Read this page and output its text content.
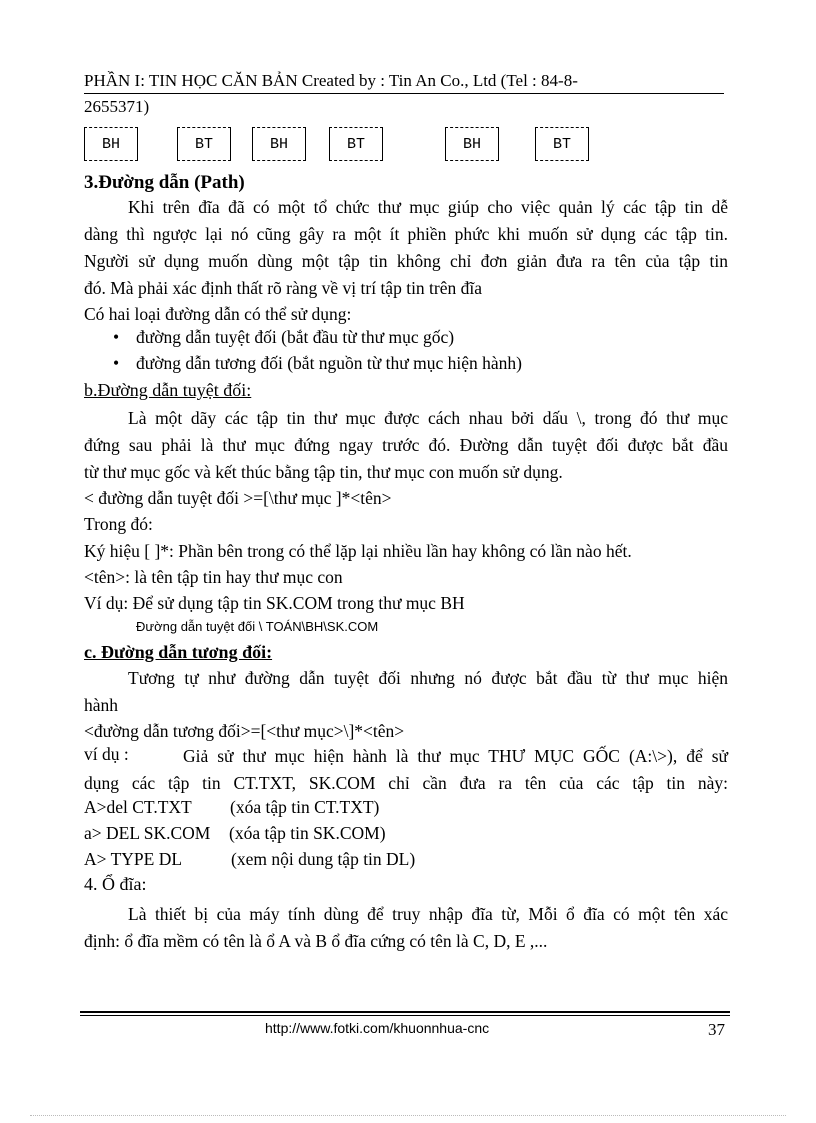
PHẦN I: TIN HỌC CĂN BẢN Created by : Tin An Co., Ltd (Tel : 84-8-
2655371)
BH	BT	BH	BT	BH	BT
3.Đường dẫn (Path)
Khi trên đĩa đã có một tổ chức thư mục giúp cho việc quản lý các tập tin dễ
dàng thì ngược lại nó cũng gây ra một ít phiền phức khi muốn sử dụng các tập tin.
Người sử dụng muốn dùng một tập tin không chỉ đơn giản đưa ra tên của tập tin
đó. Mà phải xác định thất rõ ràng về vị trí tập tin trên đĩa
Có hai loại đường dẫn có thể sử dụng:
• đường dẫn tuyệt đối (bắt đầu từ thư mục gốc)
• đường dẫn tương đối (bắt nguồn từ thư mục hiện hành)
b.Đường dẫn tuyệt đối:
Là một dãy các tập tin thư mục được cách nhau bởi dấu \, trong đó thư mục
đứng sau phải là thư mục đứng ngay trước đó. Đường dẫn tuyệt đối được bắt đầu
từ thư mục gốc và kết thúc bằng tập tin, thư mục con muốn sử dụng.
< đường dẫn tuyệt đối >=[\thư mục ]*<tên>
Trong đó:
Ký hiệu [ ]*: Phần bên trong có thể lặp lại nhiều lần hay không có lần nào hết.
<tên>: là tên tập tin hay thư mục con
Ví dụ: Để sử dụng tập tin SK.COM trong thư mục BH
Đường dẫn tuyệt đối \ TOÁN\BH\SK.COM
c. Đường dẫn tương đối:
Tương tự như đường dẫn tuyệt đối nhưng nó được bắt đầu từ thư mục hiện
hành
<đường dẫn tương đối>=[<thư mục>\]*<tên>
ví dụ :	Giả sử thư mục hiện hành là thư mục THƯ MỤC GỐC (A:\>), để sử
dụng các tập tin CT.TXT, SK.COM chỉ cần đưa ra tên của các tập tin này:
A>del CT.TXT (xóa tập tin CT.TXT)
a> DEL SK.COM (xóa tập tin SK.COM)
A> TYPE DL	(xem nội dung tập tin DL)
4. Ổ đĩa:
Là thiết bị của máy tính dùng để truy nhập đĩa từ, Mỗi ổ đĩa có một tên xác
định: ổ đĩa mềm có tên là ổ A và B ổ đĩa cứng có tên là C, D, E ,...
http://www.fotki.com/khuonnhua-cnc	37
